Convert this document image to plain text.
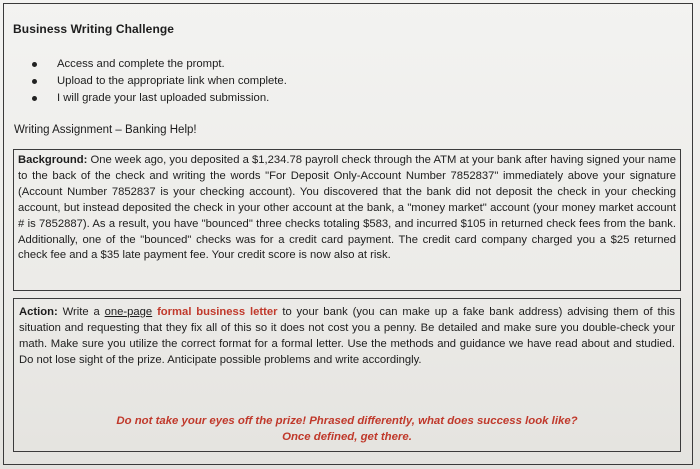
Business Writing Challenge
Access and complete the prompt.
Upload to the appropriate link when complete.
I will grade your last uploaded submission.
Writing Assignment – Banking Help!

Background: One week ago, you deposited a $1,234.78 payroll check through the ATM at your bank after having signed your name to the back of the check and writing the words "For Deposit Only-Account Number 7852837" immediately above your signature (Account Number 7852837 is your checking account). You discovered that the bank did not deposit the check in your checking account, but instead deposited the check in your other account at the bank, a "money market" account (your money market account # is 7852887). As a result, you have "bounced" three checks totaling $583, and incurred $105 in returned check fees from the bank. Additionally, one of the "bounced" checks was for a credit card payment. The credit card company charged you a $25 returned check fee and a $35 late payment fee. Your credit score is now also at risk.

Action: Write a one-page formal business letter to your bank (you can make up a fake bank address) advising them of this situation and requesting that they fix all of this so it does not cost you a penny. Be detailed and make sure you double-check your math. Make sure you utilize the correct format for a formal letter. Use the methods and guidance we have read about and studied. Do not lose sight of the prize. Anticipate possible problems and write accordingly.

Do not take your eyes off the prize! Phrased differently, what does success look like?
Once defined, get there.
